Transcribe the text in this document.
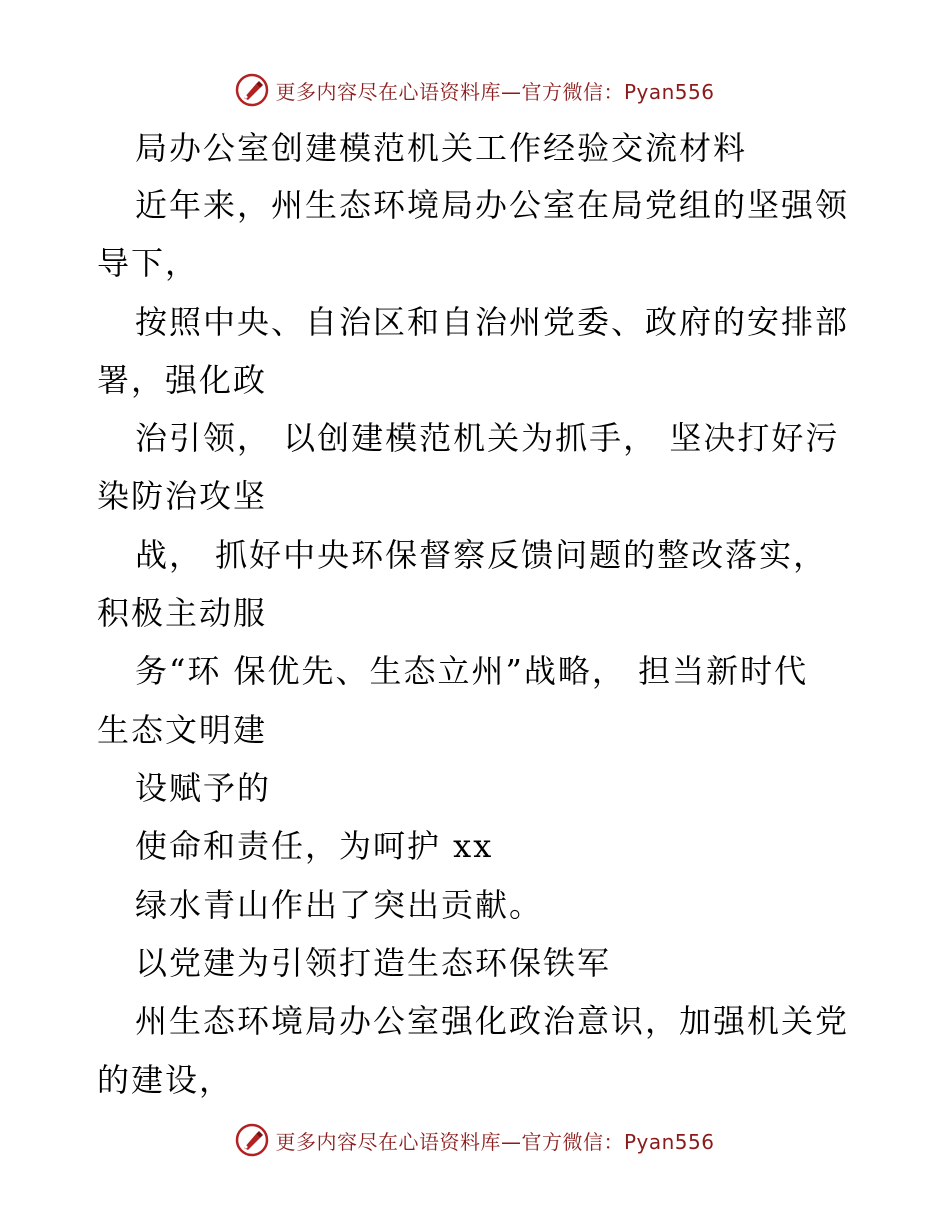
更多内容尽在心语资料库—官方微信：Pyan556
局办公室创建模范机关工作经验交流材料
近年来，州生态环境局办公室在局党组的坚强领
导下，
按照中央、自治区和自治州党委、政府的安排部
署，强化政
治引领， 以创建模范机关为抓手， 坚决打好污
染防治攻坚
战， 抓好中央环保督察反馈问题的整改落实，
积极主动服
务“环 保优先、生态立州”战略， 担当新时代
生态文明建
设赋予的
使命和责任，为呵护 xx
绿水青山作出了突出贡献。
以党建为引领打造生态环保铁军
州生态环境局办公室强化政治意识，加强机关党
的建设，
更多内容尽在心语资料库—官方微信：Pyan556
